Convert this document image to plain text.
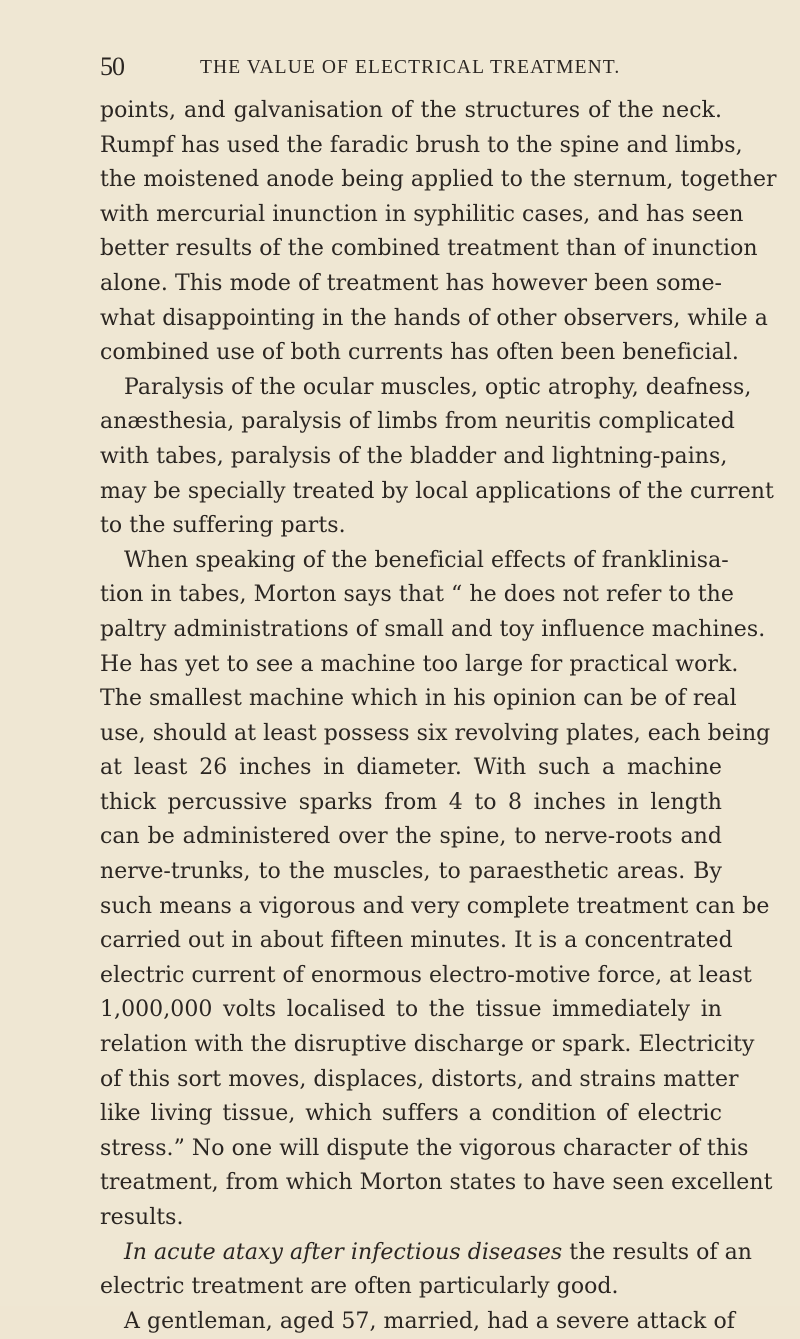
50	THE VALUE OF ELECTRICAL TREATMENT.
points, and galvanisation of the structures of the neck.
Rumpf has used the faradic brush to the spine and limbs,
the moistened anode being applied to the sternum, together
with mercurial inunction in syphilitic cases, and has seen
better results of the combined treatment than of inunction
alone. This mode of treatment has however been some-
what disappointing in the hands of other observers, while a
combined use of both currents has often been beneficial.
Paralysis of the ocular muscles, optic atrophy, deafness,
anæsthesia, paralysis of limbs from neuritis complicated
with tabes, paralysis of the bladder and lightning-pains,
may be specially treated by local applications of the current
to the suffering parts.
When speaking of the beneficial effects of franklinisa-
tion in tabes, Morton says that “ he does not refer to the
paltry administrations of small and toy influence machines.
He has yet to see a machine too large for practical work.
The smallest machine which in his opinion can be of real
use, should at least possess six revolving plates, each being
at least 26 inches in diameter. With such a machine
thick percussive sparks from 4 to 8 inches in length
can be administered over the spine, to nerve-roots and
nerve-trunks, to the muscles, to paraesthetic areas. By
such means a vigorous and very complete treatment can be
carried out in about fifteen minutes. It is a concentrated
electric current of enormous electro-motive force, at least
1,000,000 volts localised to the tissue immediately in
relation with the disruptive discharge or spark. Electricity
of this sort moves, displaces, distorts, and strains matter
like living tissue, which suffers a condition of electric
stress.” No one will dispute the vigorous character of this
treatment, from which Morton states to have seen excellent
results.
In acute ataxy after infectious diseases the results of an
electric treatment are often particularly good.
A gentleman, aged 57, married, had a severe attack of
